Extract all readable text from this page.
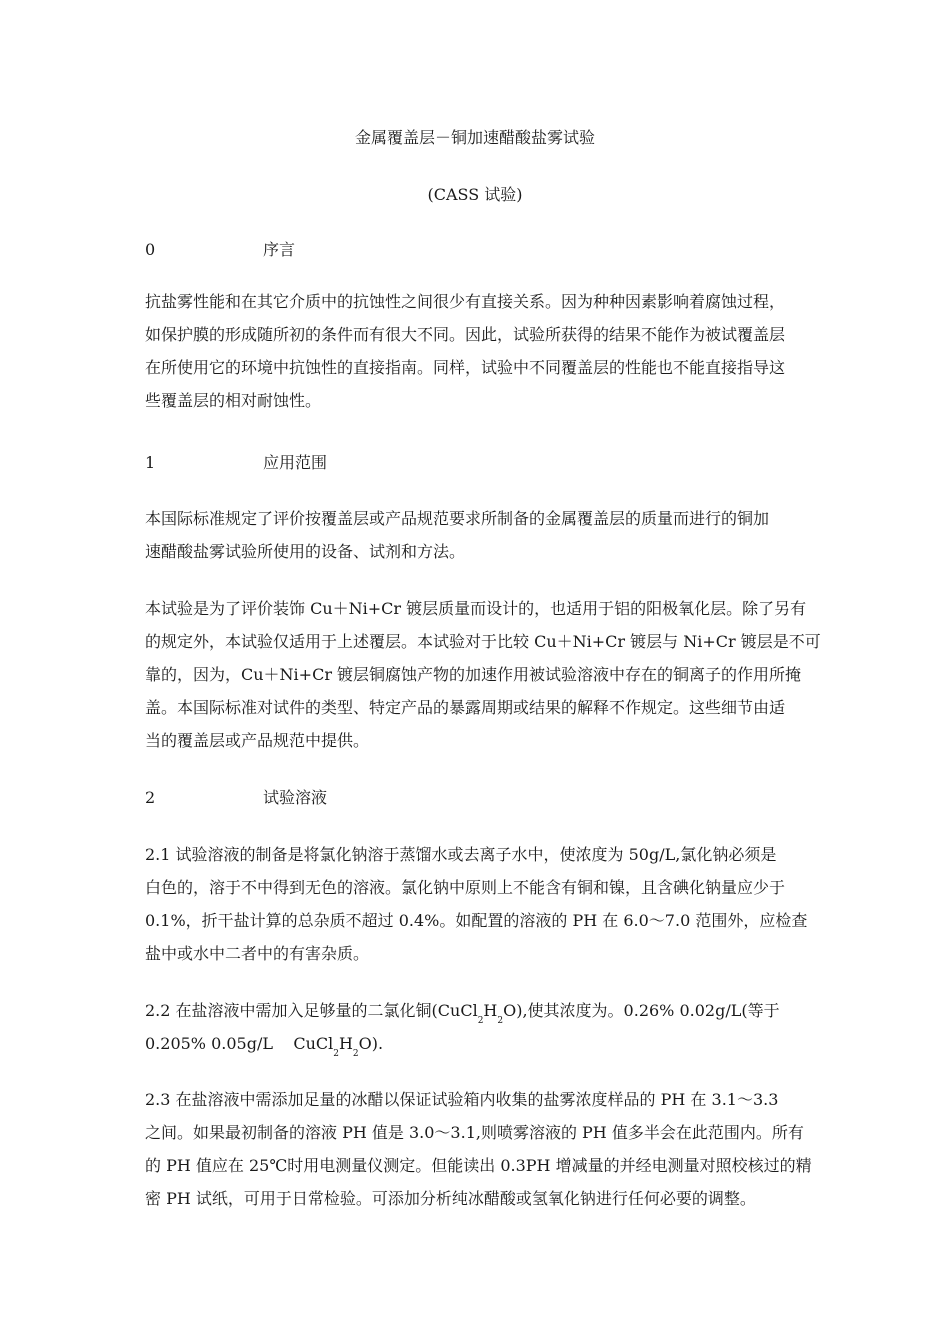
金属覆盖层－铜加速醋酸盐雾试验
(CASS 试验)
0	序言
抗盐雾性能和在其它介质中的抗蚀性之间很少有直接关系。因为种种因素影响着腐蚀过程，
如保护膜的形成随所初的条件而有很大不同。因此，试验所获得的结果不能作为被试覆盖层
在所使用它的环境中抗蚀性的直接指南。同样，试验中不同覆盖层的性能也不能直接指导这
些覆盖层的相对耐蚀性。
1	应用范围
本国际标准规定了评价按覆盖层或产品规范要求所制备的金属覆盖层的质量而进行的铜加
速醋酸盐雾试验所使用的设备、试剂和方法。
本试验是为了评价装饰 Cu＋Ni+Cr 镀层质量而设计的，也适用于铝的阳极氧化层。除了另有
的规定外，本试验仅适用于上述覆层。本试验对于比较 Cu＋Ni+Cr 镀层与 Ni+Cr 镀层是不可
靠的，因为，Cu＋Ni+Cr 镀层铜腐蚀产物的加速作用被试验溶液中存在的铜离子的作用所掩
盖。本国际标准对试件的类型、特定产品的暴露周期或结果的解释不作规定。这些细节由适
当的覆盖层或产品规范中提供。
2	试验溶液
2.1 试验溶液的制备是将氯化钠溶于蒸馏水或去离子水中，使浓度为 50g/L,氯化钠必须是
白色的，溶于不中得到无色的溶液。氯化钠中原则上不能含有铜和镍，且含碘化钠量应少于
0.1%，折干盐计算的总杂质不超过 0.4%。如配置的溶液的 PH 在 6.0～7.0 范围外，应检查
盐中或水中二者中的有害杂质。
2.2 在盐溶液中需加入足够量的二氯化铜$(CuCl_2H_2O)$,使其浓度为。0.26% 0.02g/L(等于
0.205% 0.05g/L    $CuCl_2H_2O$).
2.3 在盐溶液中需添加足量的冰醋以保证试验箱内收集的盐雾浓度样品的 PH 在 3.1～3.3
之间。如果最初制备的溶液 PH 值是 3.0～3.1,则喷雾溶液的 PH 值多半会在此范围内。所有
的 PH 值应在 25℃时用电测量仪测定。但能读出 0.3PH 增减量的并经电测量对照校核过的精
密 PH 试纸，可用于日常检验。可添加分析纯冰醋酸或氢氧化钠进行任何必要的调整。
